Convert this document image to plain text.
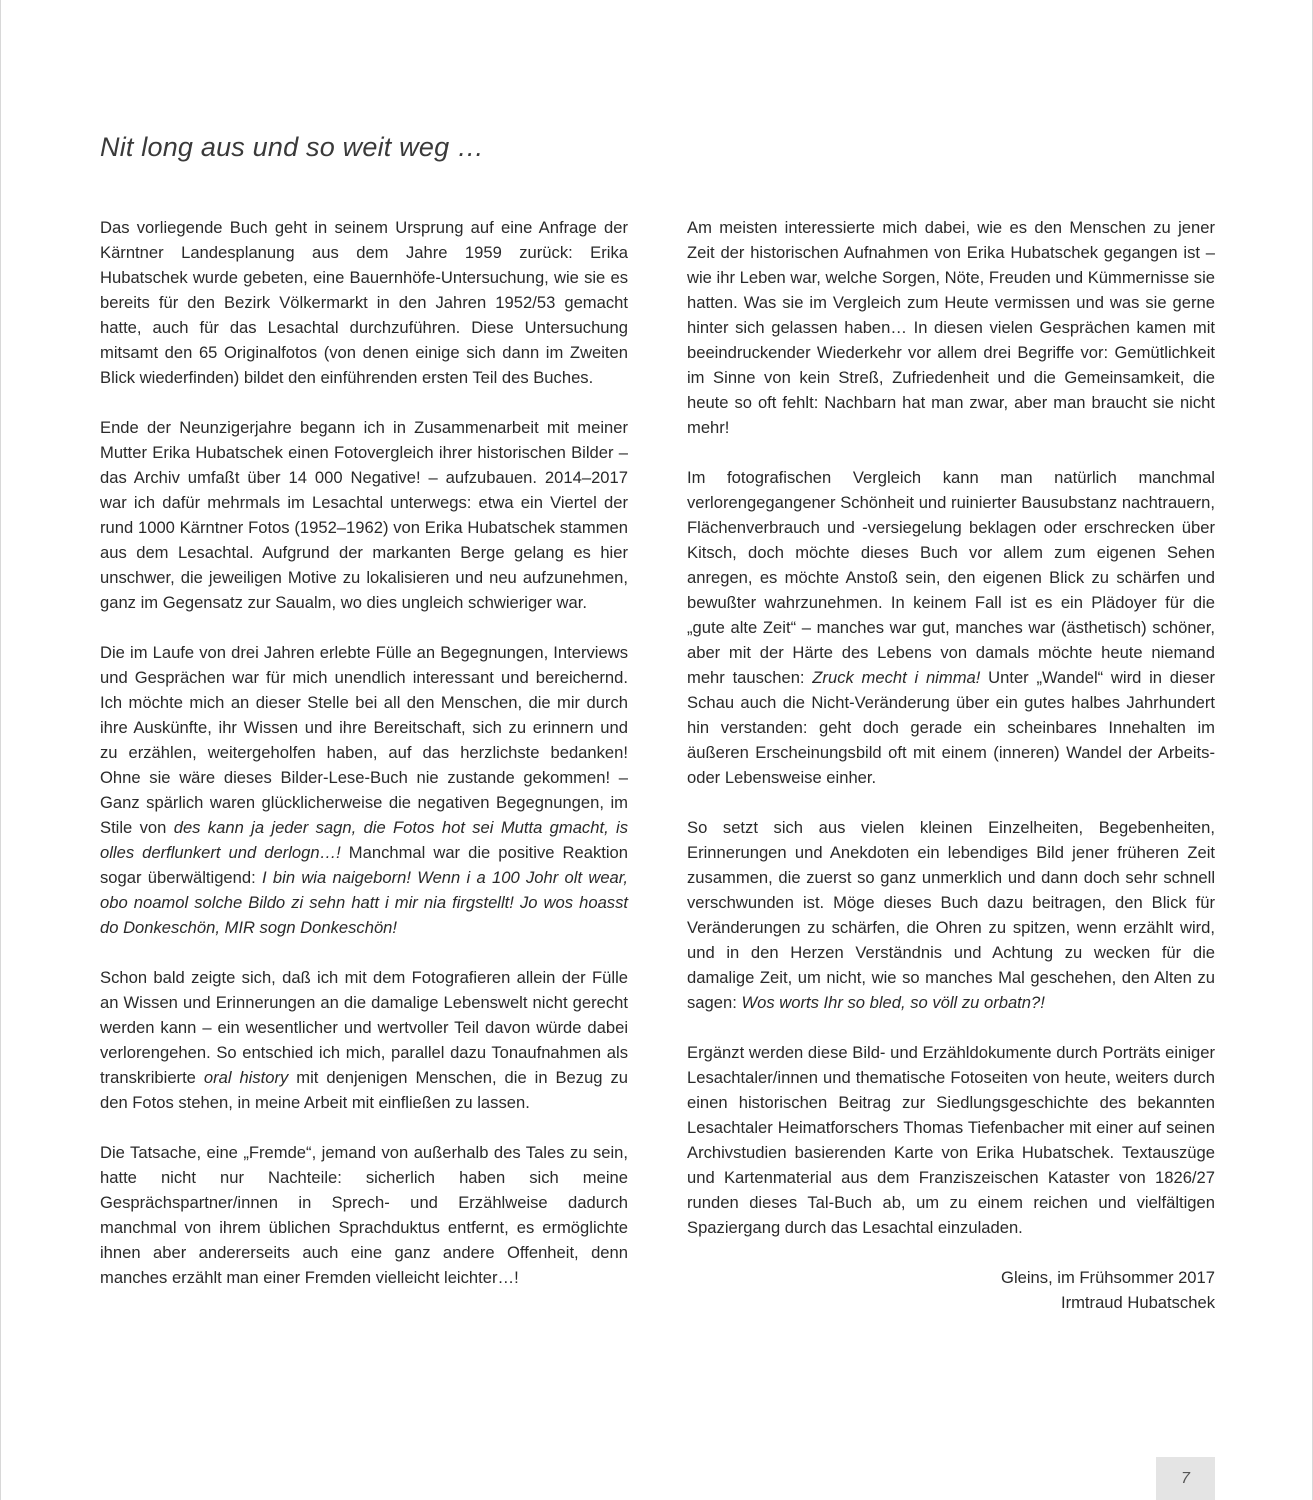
Nit long aus und so weit weg …

Das vorliegende Buch geht in seinem Ursprung auf eine Anfrage der Kärntner Landesplanung aus dem Jahre 1959 zurück: Erika Hubatschek wurde gebeten, eine Bauernhöfe-Untersuchung, wie sie es bereits für den Bezirk Völkermarkt in den Jahren 1952/53 gemacht hatte, auch für das Lesachtal durchzuführen. Diese Untersuchung mitsamt den 65 Originalfotos (von denen einige sich dann im Zweiten Blick wiederfinden) bildet den einführenden ersten Teil des Buches.

Ende der Neunzigerjahre begann ich in Zusammenarbeit mit meiner Mutter Erika Hubatschek einen Fotovergleich ihrer historischen Bilder – das Archiv umfaßt über 14 000 Negative! – aufzubauen. 2014–2017 war ich dafür mehrmals im Lesachtal unterwegs: etwa ein Viertel der rund 1000 Kärntner Fotos (1952–1962) von Erika Hubatschek stammen aus dem Lesachtal. Aufgrund der markanten Berge gelang es hier unschwer, die jeweiligen Motive zu lokalisieren und neu aufzunehmen, ganz im Gegensatz zur Saualm, wo dies ungleich schwieriger war.

Die im Laufe von drei Jahren erlebte Fülle an Begegnungen, Interviews und Gesprächen war für mich unendlich interessant und bereichernd. Ich möchte mich an dieser Stelle bei all den Menschen, die mir durch ihre Auskünfte, ihr Wissen und ihre Bereitschaft, sich zu erinnern und zu erzählen, weitergeholfen haben, auf das herzlichste bedanken! Ohne sie wäre dieses Bilder-Lese-Buch nie zustande gekommen! – Ganz spärlich waren glücklicherweise die negativen Begegnungen, im Stile von des kann ja jeder sagn, die Fotos hot sei Mutta gmacht, is olles derflunkert und derlogn…! Manchmal war die positive Reaktion sogar überwältigend: I bin wia naigeborn! Wenn i a 100 Johr olt wear, obo noamol solche Bildo zi sehn hatt i mir nia firgstellt! Jo wos hoasst do Donkeschön, MIR sogn Donkeschön!

Schon bald zeigte sich, daß ich mit dem Fotografieren allein der Fülle an Wissen und Erinnerungen an die damalige Lebenswelt nicht gerecht werden kann – ein wesentlicher und wertvoller Teil davon würde dabei verlorengehen. So entschied ich mich, parallel dazu Tonaufnahmen als transkribierte oral history mit denjenigen Menschen, die in Bezug zu den Fotos stehen, in meine Arbeit mit einfließen zu lassen.

Die Tatsache, eine „Fremde“, jemand von außerhalb des Tales zu sein, hatte nicht nur Nachteile: sicherlich haben sich meine Gesprächspartner/innen in Sprech- und Erzählweise dadurch manchmal von ihrem üblichen Sprachduktus entfernt, es ermöglichte ihnen aber andererseits auch eine ganz andere Offenheit, denn manches erzählt man einer Fremden vielleicht leichter…!

Am meisten interessierte mich dabei, wie es den Menschen zu jener Zeit der historischen Aufnahmen von Erika Hubatschek gegangen ist – wie ihr Leben war, welche Sorgen, Nöte, Freuden und Kümmernisse sie hatten. Was sie im Vergleich zum Heute vermissen und was sie gerne hinter sich gelassen haben… In diesen vielen Gesprächen kamen mit beeindruckender Wiederkehr vor allem drei Begriffe vor: Gemütlichkeit im Sinne von kein Streß, Zufriedenheit und die Gemeinsamkeit, die heute so oft fehlt: Nachbarn hat man zwar, aber man braucht sie nicht mehr!

Im fotografischen Vergleich kann man natürlich manchmal verlorengegangener Schönheit und ruinierter Bausubstanz nachtrauern, Flächenverbrauch und -versiegelung beklagen oder erschrecken über Kitsch, doch möchte dieses Buch vor allem zum eigenen Sehen anregen, es möchte Anstoß sein, den eigenen Blick zu schärfen und bewußter wahrzunehmen. In keinem Fall ist es ein Plädoyer für die „gute alte Zeit“ – manches war gut, manches war (ästhetisch) schöner, aber mit der Härte des Lebens von damals möchte heute niemand mehr tauschen: Zruck mecht i nimma! Unter „Wandel“ wird in dieser Schau auch die Nicht-Veränderung über ein gutes halbes Jahrhundert hin verstanden: geht doch gerade ein scheinbares Innehalten im äußeren Erscheinungsbild oft mit einem (inneren) Wandel der Arbeits- oder Lebensweise einher.

So setzt sich aus vielen kleinen Einzelheiten, Begebenheiten, Erinnerungen und Anekdoten ein lebendiges Bild jener früheren Zeit zusammen, die zuerst so ganz unmerklich und dann doch sehr schnell verschwunden ist. Möge dieses Buch dazu beitragen, den Blick für Veränderungen zu schärfen, die Ohren zu spitzen, wenn erzählt wird, und in den Herzen Verständnis und Achtung zu wecken für die damalige Zeit, um nicht, wie so manches Mal geschehen, den Alten zu sagen: Wos worts Ihr so bled, so völl zu orbatn?!

Ergänzt werden diese Bild- und Erzähldokumente durch Porträts einiger Lesachtaler/innen und thematische Fotoseiten von heute, weiters durch einen historischen Beitrag zur Siedlungsgeschichte des bekannten Lesachtaler Heimatforschers Thomas Tiefenbacher mit einer auf seinen Archivstudien basierenden Karte von Erika Hubatschek. Textauszüge und Kartenmaterial aus dem Franziszeischen Kataster von 1826/27 runden dieses Tal-Buch ab, um zu einem reichen und vielfältigen Spaziergang durch das Lesachtal einzuladen.

Gleins, im Frühsommer 2017
Irmtraud Hubatschek
7
